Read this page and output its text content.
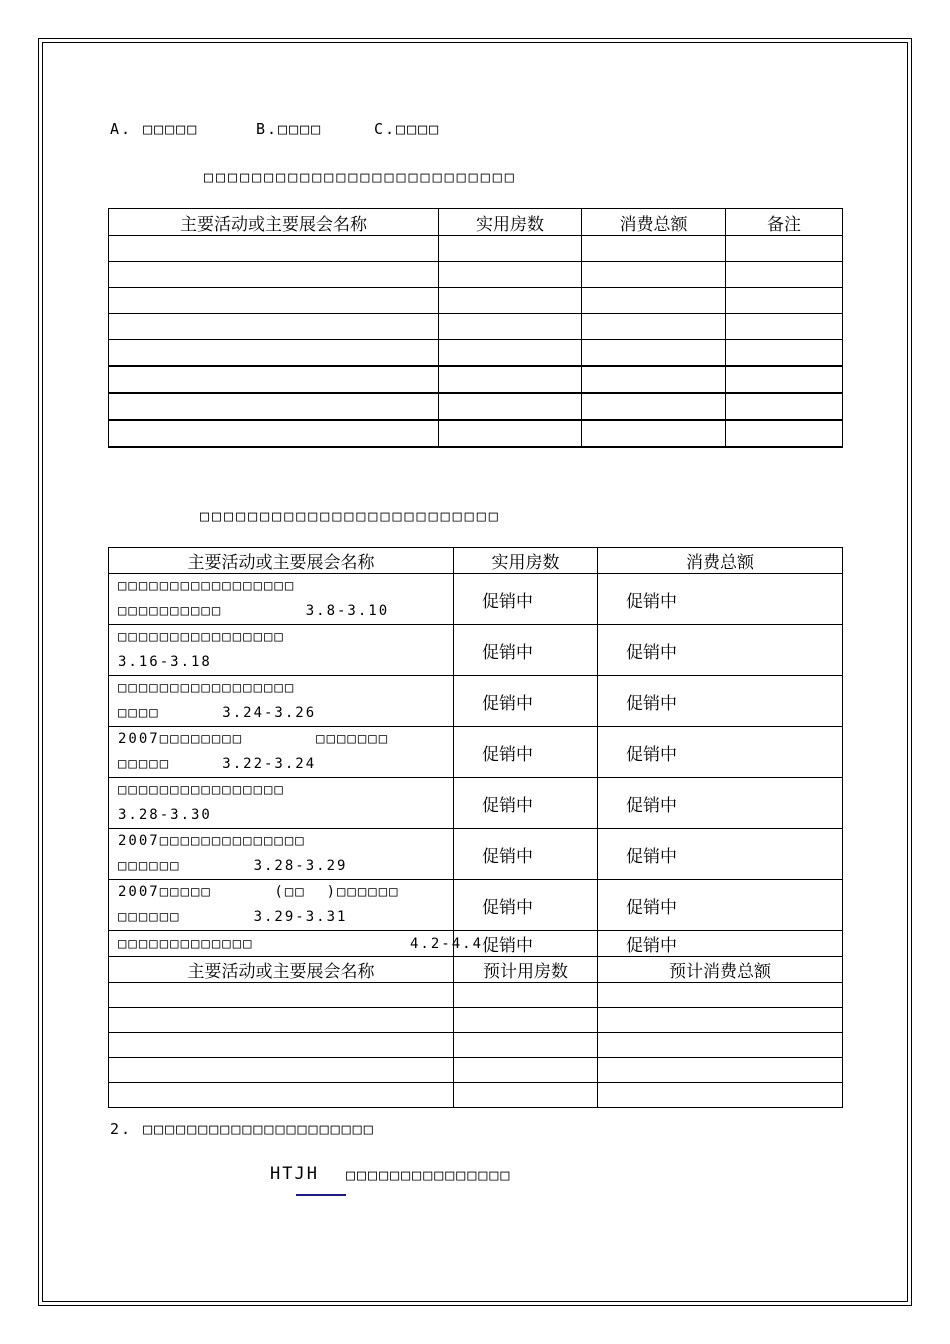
A. □□□□□	B.□□□□	C.□□□□
□□□□□□□□□□□□□□□□□□□□□□□□□□
主要活动或主要展会名称	实用房数	消费总额	备注

□□□□□□□□□□□□□□□□□□□□□□□□□
主要活动或主要展会名称	实用房数	消费总额
□□□□□□□□□□□□□□□□□
□□□□□□□□□□        3.8-3.10	促销中	促销中
□□□□□□□□□□□□□□□□
3.16-3.18	促销中	促销中
□□□□□□□□□□□□□□□□□
□□□□      3.24-3.26	促销中	促销中
2007□□□□□□□□       □□□□□□□
□□□□□     3.22-3.24	促销中	促销中
□□□□□□□□□□□□□□□□
3.28-3.30	促销中	促销中
2007□□□□□□□□□□□□□□
□□□□□□       3.28-3.29	促销中	促销中
2007□□□□□      (□□  )□□□□□□
□□□□□□       3.29-3.31	促销中	促销中
□□□□□□□□□□□□□               4.2-4.4	促销中	促销中
主要活动或主要展会名称	预计用房数	预计消费总额

2. □□□□□□□□□□□□□□□□□□□□□
HTJH □□□□□□□□□□□□□□□
